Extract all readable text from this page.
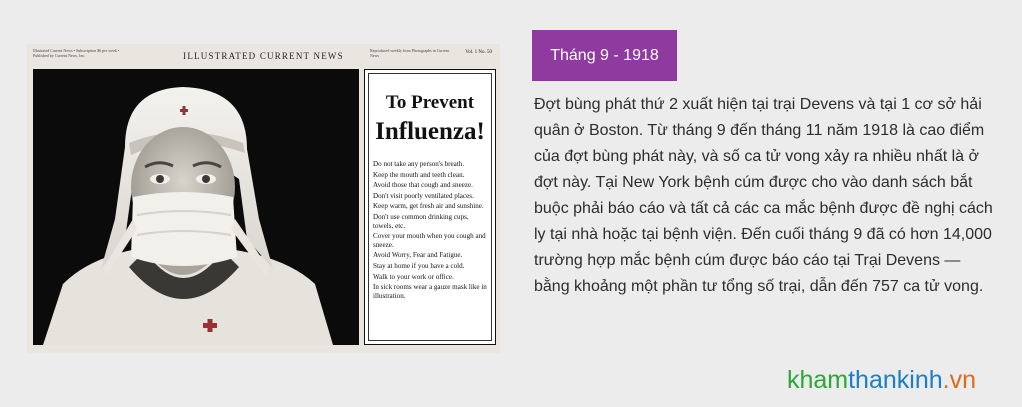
Illustrated Current News • Subscription $6 per week • Published by Current News, Inc.	ILLUSTRATED CURRENT NEWS
Reproduced weekly from Photographs in Current News
Vol. 1 No. 50
To Prevent
Influenza!
Do not take any person's breath.
Keep the mouth and teeth clean.
Avoid those that cough and sneeze.
Don't visit poorly ventilated places.
Keep warm, get fresh air and sunshine.
Don't use common drinking cups, towels, etc.
Cover your mouth when you cough and sneeze.
Avoid Worry, Fear and Fatigue.
Stay at home if you have a cold.
Walk to your work or office.
In sick rooms wear a gauze mask like in illustration.
Tháng 9 - 1918
Đợt bùng phát thứ 2 xuất hiện tại trại Devens và tại 1 cơ sở hải quân ở Boston. Từ tháng 9 đến tháng 11 năm 1918 là cao điểm của đợt bùng phát này, và số ca tử vong xảy ra nhiều nhất là ở đợt này. Tại New York bệnh cúm được cho vào danh sách bắt buộc phải báo cáo và tất cả các ca mắc bệnh được đề nghị cách ly tại nhà hoặc tại bệnh viện. Đến cuối tháng 9 đã có hơn 14,000 trường hợp mắc bệnh cúm được báo cáo tại Trại Devens — bằng khoảng một phần tư tổng số trại, dẫn đến 757 ca tử vong.
khamthankinh.vn
